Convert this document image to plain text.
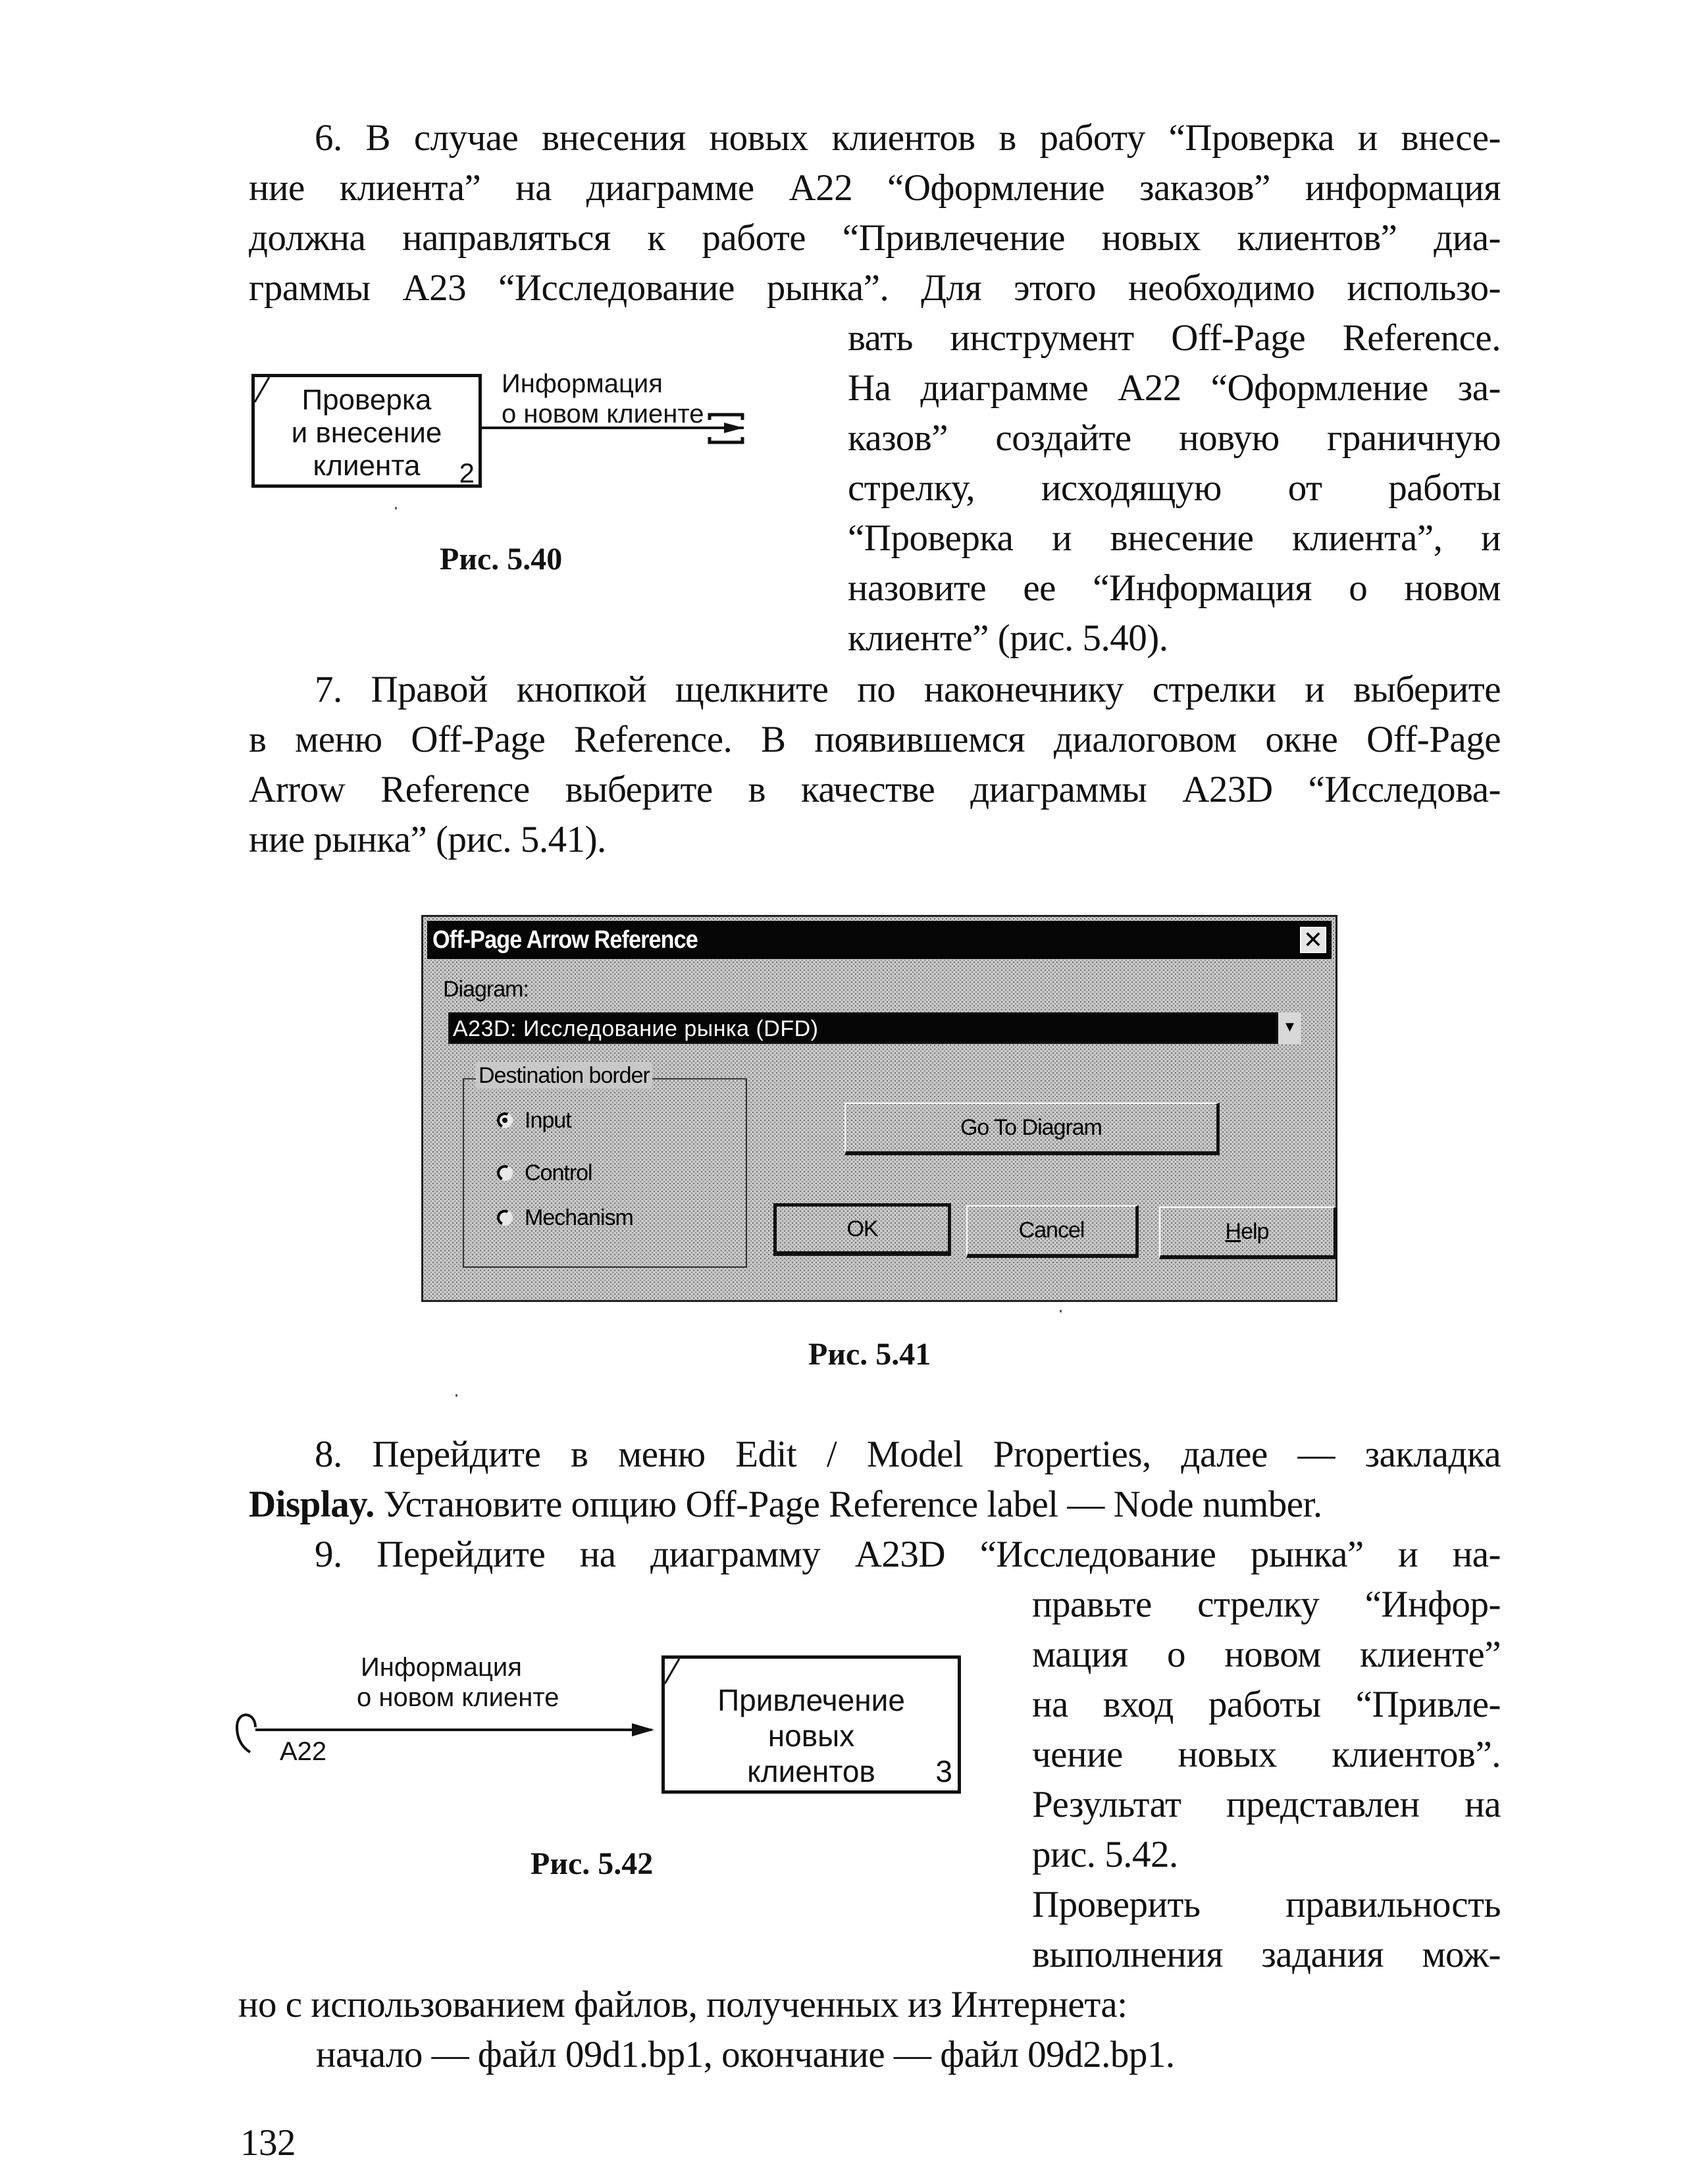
6. В случае внесения новых клиентов в работу “Проверка и внесе-
ние клиента” на диаграмме А22 “Оформление заказов” информация
должна направляться к работе “Привлечение новых клиентов” диа-
граммы А23 “Исследование рынка”. Для этого необходимо использо-
вать инструмент Off-Page Reference.
На диаграмме А22 “Оформление за-
казов” создайте новую граничную
стрелку, исходящую от работы
“Проверка и внесение клиента”, и
назовите ее “Информация о новом
клиенте” (рис. 5.40).
Проверка
и внесение
клиента	2
Информация
о новом клиенте
Рис. 5.40
7. Правой кнопкой щелкните по наконечнику стрелки и выберите
в меню Off-Page Reference. В появившемся диалоговом окне Off-Page
Arrow Reference выберите в качестве диаграммы А23D “Исследова-
ние рынка” (рис. 5.41).
Off-Page Arrow Reference	✕
Diagram:
A23D: Исследование рынка (DFD)	▼
Destination border
Input
Control
Mechanism
Go To Diagram
OK	Cancel	Help
Рис. 5.41
8. Перейдите в меню Edit / Model Properties, далее — закладка
Display. Установите опцию Off-Page Reference label — Node number.
9. Перейдите на диаграмму А23D “Исследование рынка” и на-
правьте стрелку “Инфор-
мация о новом клиенте”
на вход работы “Привле-
чение новых клиентов”.
Результат представлен на
рис. 5.42.
Проверить правильность
выполнения задания мож-
но с использованием файлов, полученных из Интернета:
начало — файл 09d1.bp1, окончание — файл 09d2.bp1.
Информация
о новом клиенте
A22
Привлечение
новых
клиентов	3
Рис. 5.42
132
